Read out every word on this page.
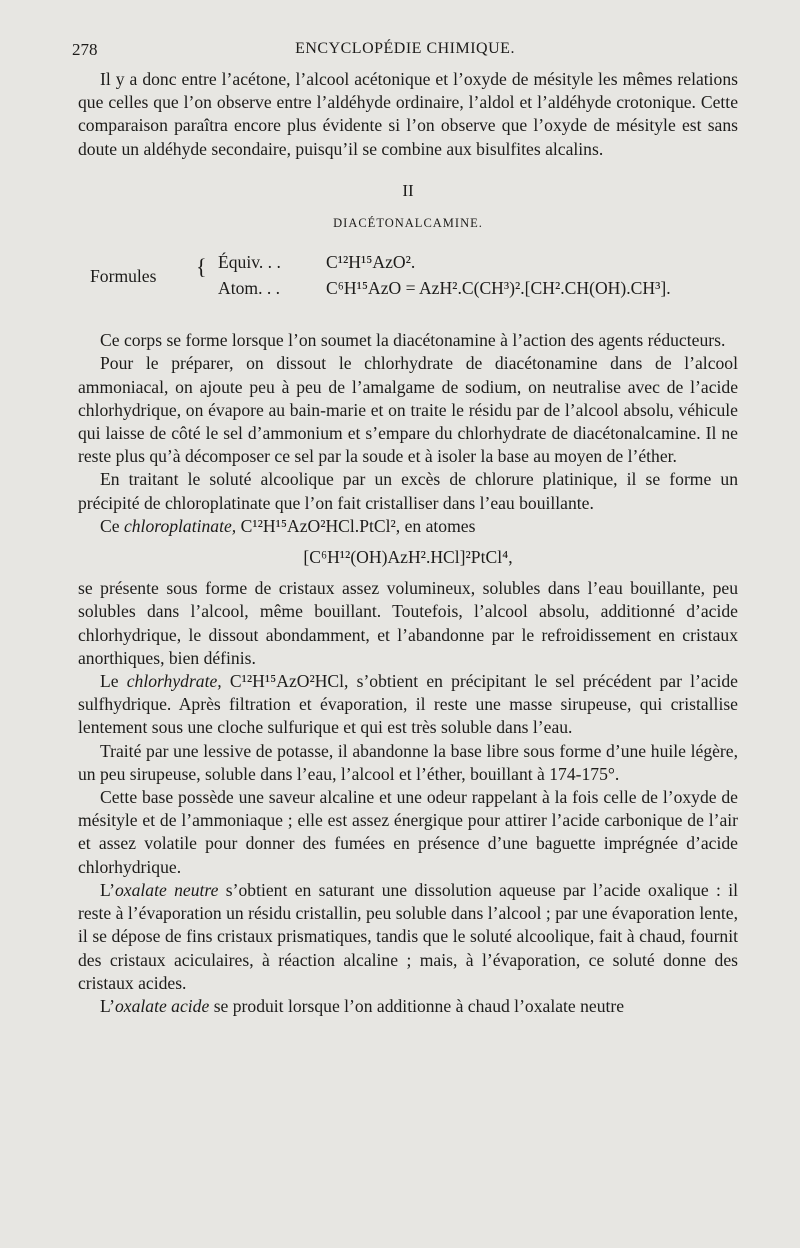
278	ENCYCLOPÉDIE CHIMIQUE.

Il y a donc entre l’acétone, l’alcool acétonique et l’oxyde de mésityle les mêmes relations que celles que l’on observe entre l’aldéhyde ordinaire, l’aldol et l’aldéhyde crotonique. Cette comparaison paraîtra encore plus évidente si l’on observe que l’oxyde de mésityle est sans doute un aldéhyde secondaire, puisqu’il se combine aux bisulfites alcalins.

II
DIACÉTONALCAMINE.
Formules { Équiv. . .	C¹²H¹⁵AzO².
Atom. . .	C⁶H¹⁵AzO = AzH².C(CH³)².[CH².CH(OH).CH³].

Ce corps se forme lorsque l’on soumet la diacétonamine à l’action des agents réducteurs.

Pour le préparer, on dissout le chlorhydrate de diacétonamine dans de l’alcool ammoniacal, on ajoute peu à peu de l’amalgame de sodium, on neutralise avec de l’acide chlorhydrique, on évapore au bain-marie et on traite le résidu par de l’alcool absolu, véhicule qui laisse de côté le sel d’ammonium et s’empare du chlorhydrate de diacétonalcamine. Il ne reste plus qu’à décomposer ce sel par la soude et à isoler la base au moyen de l’éther.

En traitant le soluté alcoolique par un excès de chlorure platinique, il se forme un précipité de chloroplatinate que l’on fait cristalliser dans l’eau bouillante.

Ce chloroplatinate, C¹²H¹⁵AzO²HCl.PtCl², en atomes

[C⁶H¹²(OH)AzH².HCl]²PtCl⁴,

se présente sous forme de cristaux assez volumineux, solubles dans l’eau bouillante, peu solubles dans l’alcool, même bouillant. Toutefois, l’alcool absolu, additionné d’acide chlorhydrique, le dissout abondamment, et l’abandonne par le refroidissement en cristaux anorthiques, bien définis.

Le chlorhydrate, C¹²H¹⁵AzO²HCl, s’obtient en précipitant le sel précédent par l’acide sulfhydrique. Après filtration et évaporation, il reste une masse sirupeuse, qui cristallise lentement sous une cloche sulfurique et qui est très soluble dans l’eau.

Traité par une lessive de potasse, il abandonne la base libre sous forme d’une huile légère, un peu sirupeuse, soluble dans l’eau, l’alcool et l’éther, bouillant à 174-175°.

Cette base possède une saveur alcaline et une odeur rappelant à la fois celle de l’oxyde de mésityle et de l’ammoniaque ; elle est assez énergique pour attirer l’acide carbonique de l’air et assez volatile pour donner des fumées en présence d’une baguette imprégnée d’acide chlorhydrique.

L’oxalate neutre s’obtient en saturant une dissolution aqueuse par l’acide oxalique : il reste à l’évaporation un résidu cristallin, peu soluble dans l’alcool ; par une évaporation lente, il se dépose de fins cristaux prismatiques, tandis que le soluté alcoolique, fait à chaud, fournit des cristaux aciculaires, à réaction alcaline ; mais, à l’évaporation, ce soluté donne des cristaux acides.

L’oxalate acide se produit lorsque l’on additionne à chaud l’oxalate neutre
